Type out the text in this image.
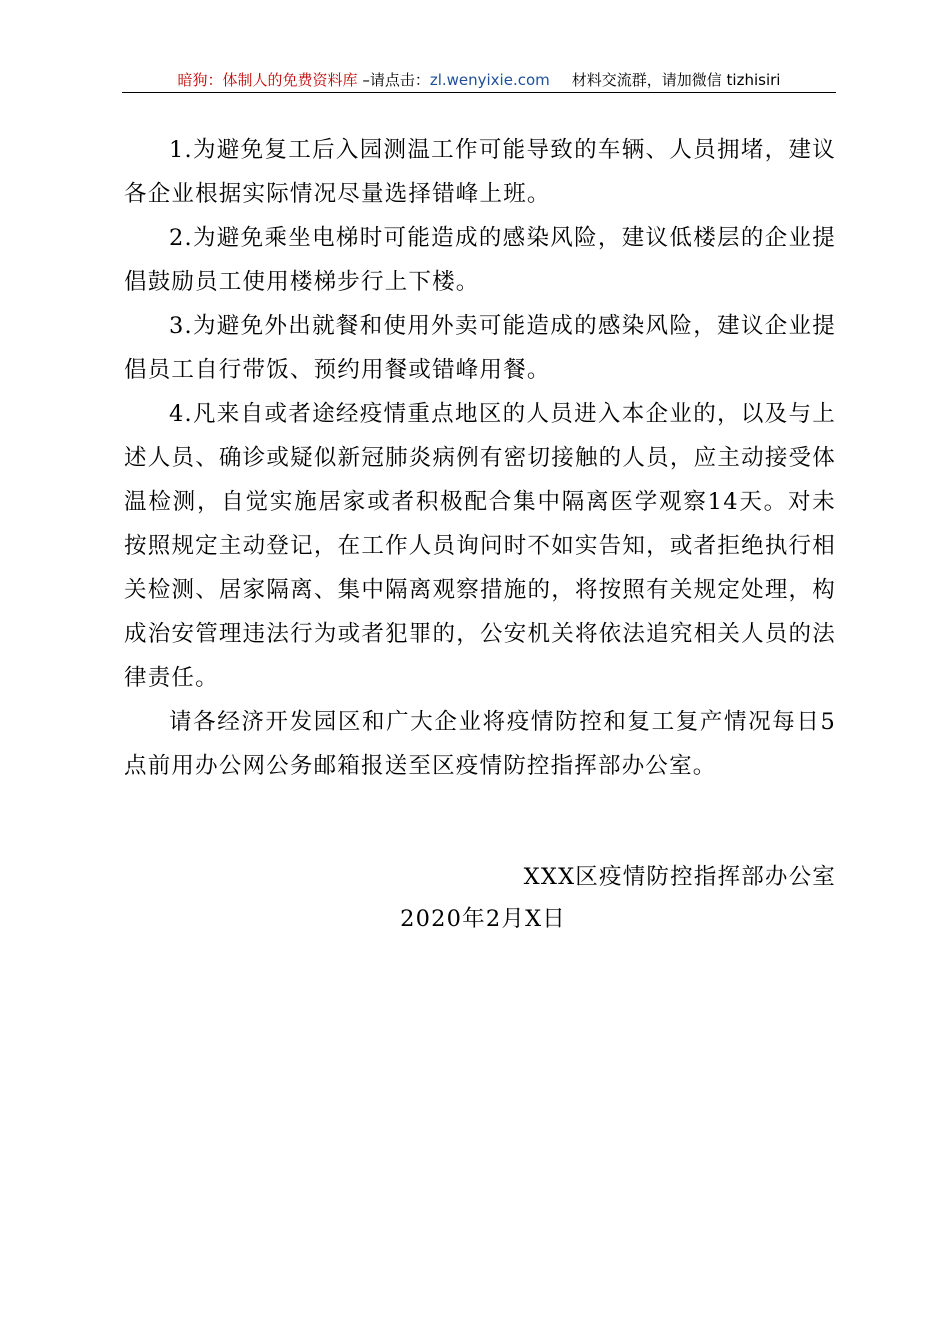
暗狗：体制人的免费资料库 –请点击：zl.wenyixie.com 材料交流群，请加微信 tizhisiri

1.为避免复工后入园测温工作可能导致的车辆、人员拥堵，建议各企业根据实际情况尽量选择错峰上班。

2.为避免乘坐电梯时可能造成的感染风险，建议低楼层的企业提倡鼓励员工使用楼梯步行上下楼。

3.为避免外出就餐和使用外卖可能造成的感染风险，建议企业提倡员工自行带饭、预约用餐或错峰用餐。

4.凡来自或者途经疫情重点地区的人员进入本企业的，以及与上述人员、确诊或疑似新冠肺炎病例有密切接触的人员，应主动接受体温检测，自觉实施居家或者积极配合集中隔离医学观察14天。对未按照规定主动登记，在工作人员询问时不如实告知，或者拒绝执行相关检测、居家隔离、集中隔离观察措施的，将按照有关规定处理，构成治安管理违法行为或者犯罪的，公安机关将依法追究相关人员的法律责任。

请各经济开发园区和广大企业将疫情防控和复工复产情况每日5点前用办公网公务邮箱报送至区疫情防控指挥部办公室。

XXX区疫情防控指挥部办公室
2020年2月X日
